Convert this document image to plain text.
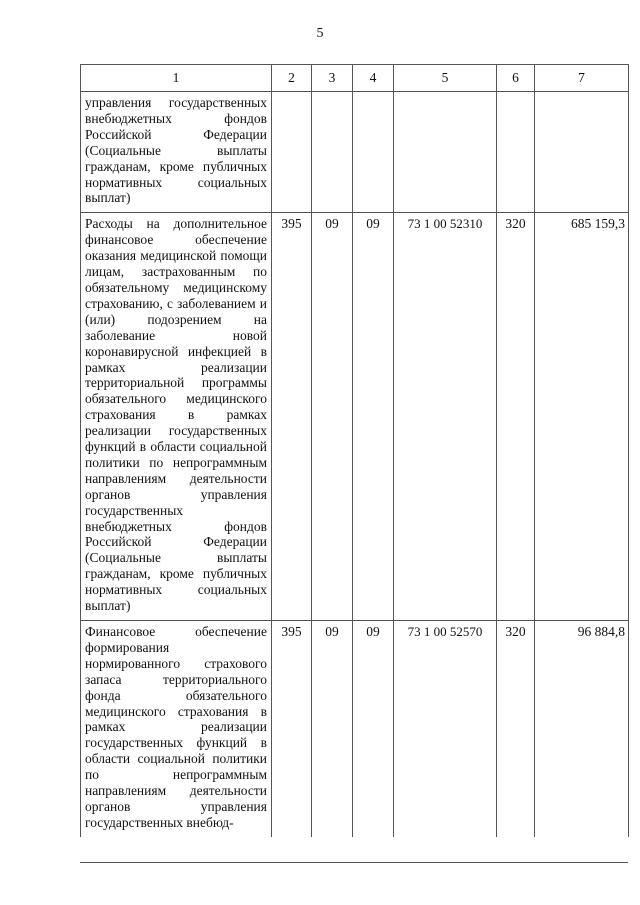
5
1	2	3	4	5	6	7
управления государственных внебюджетных фондов Российской Федерации (Социальные выплаты гражданам, кроме публичных нормативных социальных выплат)						
Расходы на дополнительное финансовое обеспечение оказания медицинской помощи лицам, застрахованным по обязательному медицинскому страхованию, с заболеванием и (или) подозрением на заболевание новой коронавирусной инфекцией в рамках реализации территориальной программы обязательного медицинского страхования в рамках реализации государственных функций в области социальной политики по непрограммным направлениям деятельности органов управления государственных внебюджетных фондов Российской Федерации (Социальные выплаты гражданам, кроме публичных нормативных социальных выплат)	395	09	09	73 1 00 52310	320	685 159,3
Финансовое обеспечение формирования нормированного страхового запаса территориального фонда обязательного медицинского страхования в рамках реализации государственных функций в области социальной политики по непрограммным направлениям деятельности органов управления государственных внебюд-	395	09	09	73 1 00 52570	320	96 884,8
